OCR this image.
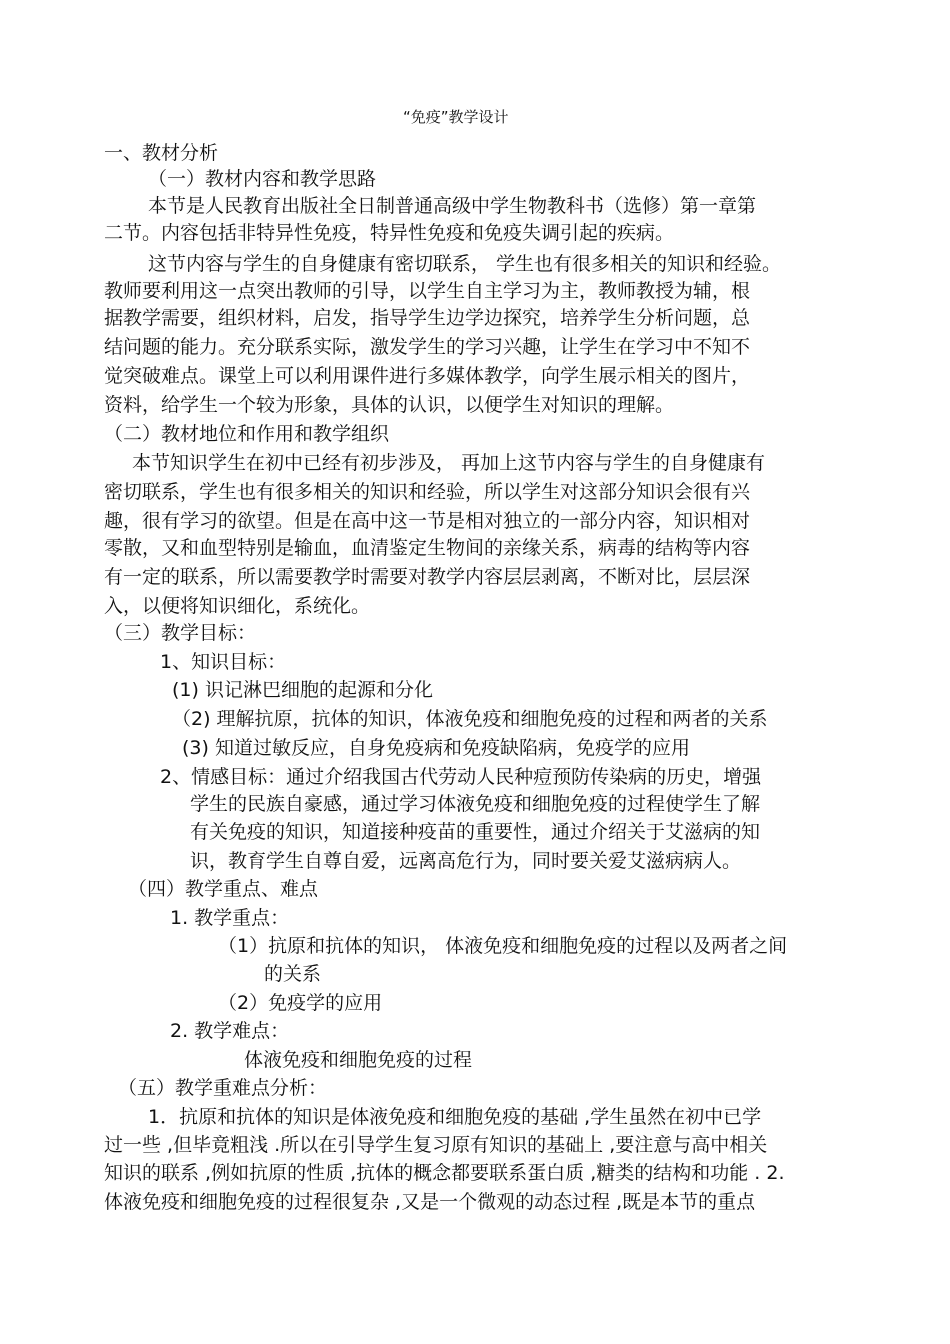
“免疫”教学设计
一、教材分析
（一）教材内容和教学思路
本节是人民教育出版社全日制普通高级中学生物教科书（选修）第一章第
二节。内容包括非特异性免疫，特异性免疫和免疫失调引起的疾病。
这节内容与学生的自身健康有密切联系， 学生也有很多相关的知识和经验。
教师要利用这一点突出教师的引导，以学生自主学习为主，教师教授为辅，根
据教学需要，组织材料，启发，指导学生边学边探究，培养学生分析问题，总
结问题的能力。充分联系实际，激发学生的学习兴趣，让学生在学习中不知不
觉突破难点。课堂上可以利用课件进行多媒体教学，向学生展示相关的图片，
资料，给学生一个较为形象，具体的认识，以便学生对知识的理解。
（二）教材地位和作用和教学组织
本节知识学生在初中已经有初步涉及， 再加上这节内容与学生的自身健康有
密切联系，学生也有很多相关的知识和经验，所以学生对这部分知识会很有兴
趣，很有学习的欲望。但是在高中这一节是相对独立的一部分内容，知识相对
零散，又和血型特别是输血，血清鉴定生物间的亲缘关系，病毒的结构等内容
有一定的联系，所以需要教学时需要对教学内容层层剥离，不断对比，层层深
入，以便将知识细化，系统化。
（三）教学目标：
1、知识目标：
(1) 识记淋巴细胞的起源和分化
（2) 理解抗原，抗体的知识，体液免疫和细胞免疫的过程和两者的关系
(3) 知道过敏反应，自身免疫病和免疫缺陷病，免疫学的应用
2、情感目标：通过介绍我国古代劳动人民种痘预防传染病的历史，增强
学生的民族自豪感，通过学习体液免疫和细胞免疫的过程使学生了解
有关免疫的知识，知道接种疫苗的重要性，通过介绍关于艾滋病的知
识，教育学生自尊自爱，远离高危行为，同时要关爱艾滋病病人。
（四）教学重点、难点
1. 教学重点：
（1）抗原和抗体的知识， 体液免疫和细胞免疫的过程以及两者之间
的关系
（2）免疫学的应用
2. 教学难点：
体液免疫和细胞免疫的过程
（五）教学重难点分析：
1．抗原和抗体的知识是体液免疫和细胞免疫的基础 ,学生虽然在初中已学
过一些 ,但毕竟粗浅 .所以在引导学生复习原有知识的基础上 ,要注意与高中相关
知识的联系 ,例如抗原的性质 ,抗体的概念都要联系蛋白质 ,糖类的结构和功能 . 2.
体液免疫和细胞免疫的过程很复杂 ,又是一个微观的动态过程 ,既是本节的重点
